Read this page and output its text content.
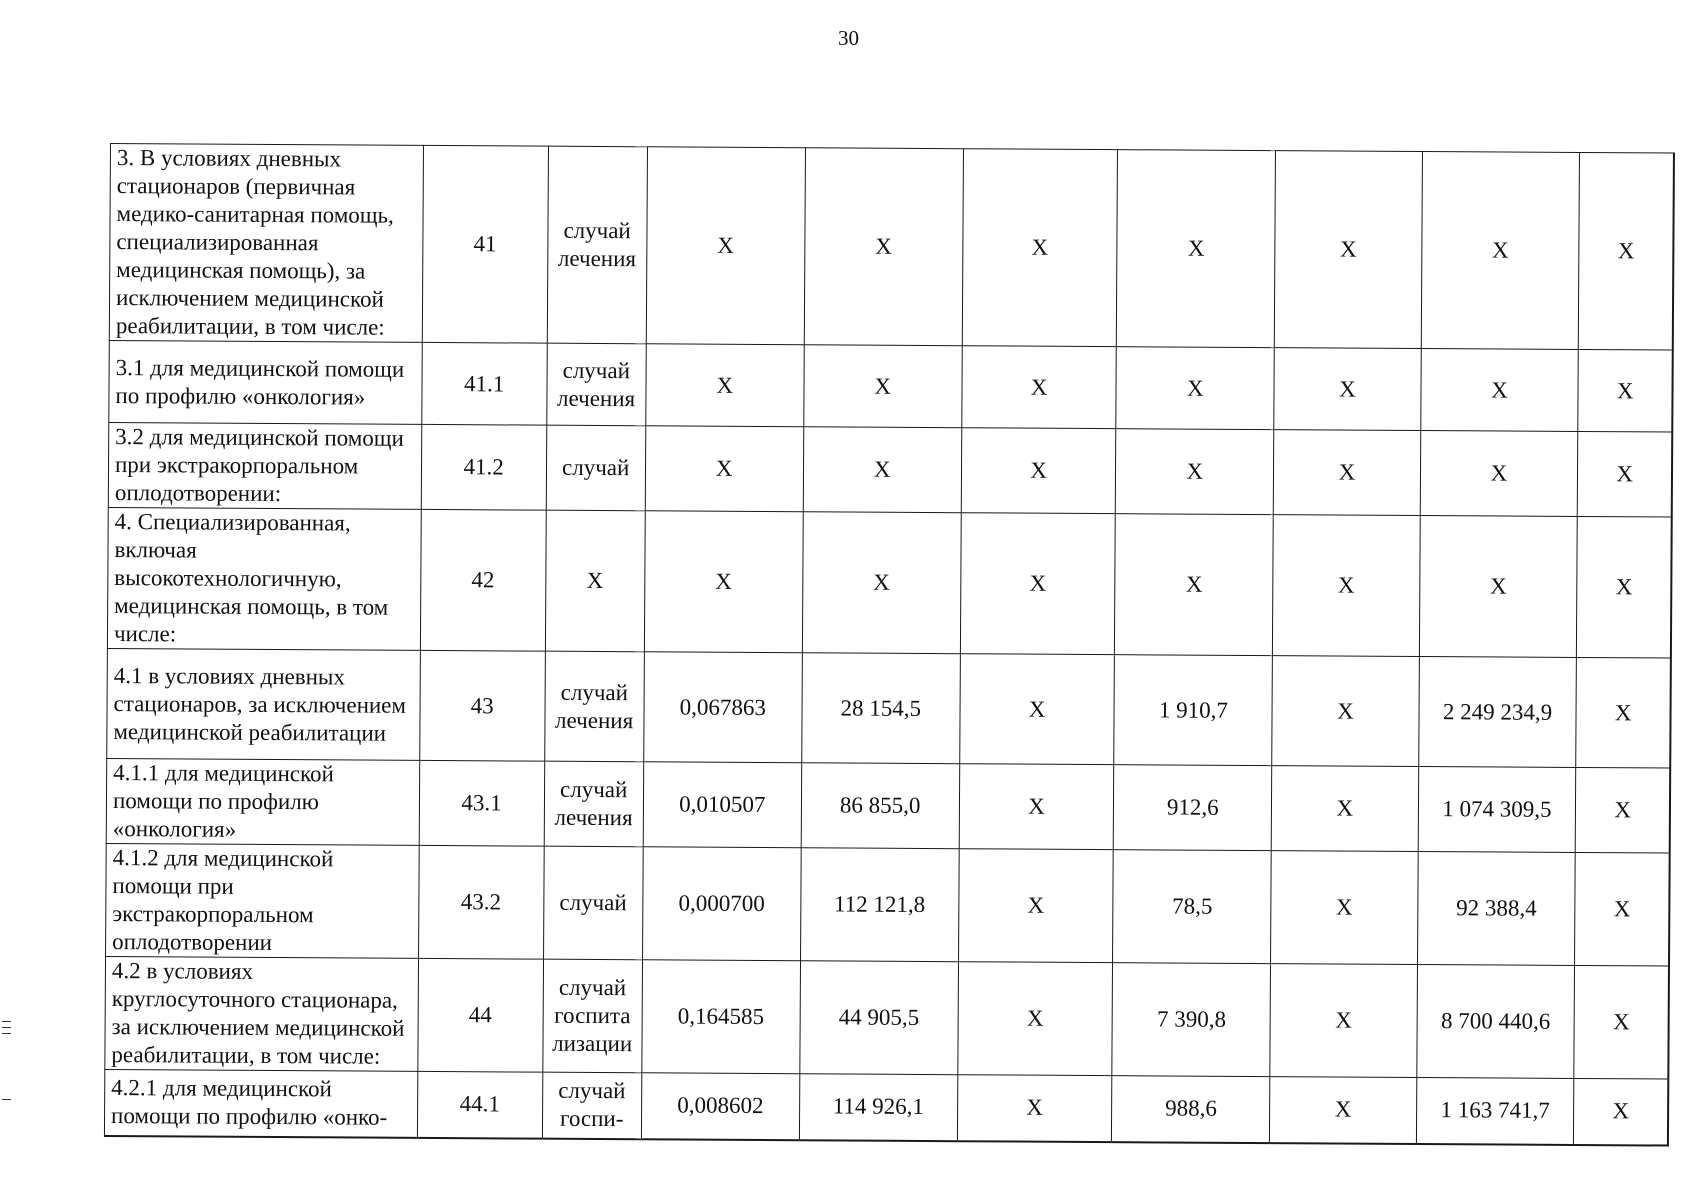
30
3. В условиях дневных стационаров (первичная медико-санитарная помощь, специализированная медицинская помощь), за исключением медицинской реабилитации, в том числе:	41	случай лечения	Х	Х	Х	Х	Х	Х	Х
3.1 для медицинской помощи по профилю «онкология»	41.1	случай лечения	Х	Х	Х	Х	Х	Х	Х
3.2 для медицинской помощи при экстракорпоральном оплодотворении:	41.2	случай	Х	Х	Х	Х	Х	Х	Х
4. Специализированная, включая высокотехнологичную, медицинская помощь, в том числе:	42	Х	Х	Х	Х	Х	Х	Х	Х
4.1 в условиях дневных стационаров, за исключением медицинской реабилитации	43	случай лечения	0,067863	28 154,5	Х	1 910,7	Х	2 249 234,9	Х
4.1.1 для медицинской помощи по профилю «онкология»	43.1	случай лечения	0,010507	86 855,0	Х	912,6	Х	1 074 309,5	Х
4.1.2 для медицинской помощи при экстракорпоральном оплодотворении	43.2	случай	0,000700	112 121,8	Х	78,5	Х	92 388,4	Х
4.2 в условиях круглосуточного стационара, за исключением медицинской реабилитации, в том числе:	44	случай госпитализации	0,164585	44 905,5	Х	7 390,8	Х	8 700 440,6	Х
4.2.1 для медицинской помощи по профилю «онко-	44.1	случай госпи-	0,008602	114 926,1	Х	988,6	Х	1 163 741,7	Х
